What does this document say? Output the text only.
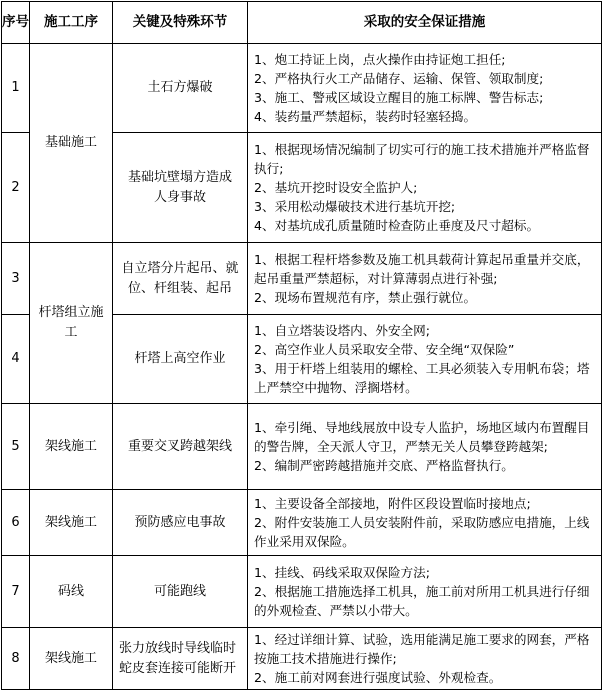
序号	施工工序	关键及特殊环节	采取的安全保证措施
1	基础施工	土石方爆破	1、炮工持证上岗，点火操作由持证炮工担任;
2、严格执行火工产品储存、运输、保管、领取制度;
3、施工、警戒区域设立醒目的施工标牌、警告标志;
4、装药量严禁超标，装药时轻塞轻捣。

2		基础坑壁塌方造成人身事故	1、根据现场情况编制了切实可行的施工技术措施并严格监督执行;
2、基坑开挖时设安全监护人;
3、采用松动爆破技术进行基坑开挖;
4、对基坑成孔质量随时检查防止垂度及尺寸超标。

3	杆塔组立施工	自立塔分片起吊、就位、杆组装、起吊	1、根据工程杆塔参数及施工机具载荷计算起吊重量并交底，起吊重量严禁超标，对计算薄弱点进行补强;
2、现场布置规范有序，禁止强行就位。

4		杆塔上高空作业	1、自立塔装设塔内、外安全网;
2、高空作业人员采取安全带、安全绳“双保险”
3、用于杆塔上组装用的螺栓、工具必须装入专用帆布袋；塔上严禁空中抛物、浮搁塔材。

5	架线施工	重要交叉跨越架线	1、牵引绳、导地线展放中设专人监护，场地区域内布置醒目的警告牌，全天派人守卫，严禁无关人员攀登跨越架;
2、编制严密跨越措施并交底、严格监督执行。

6	架线施工	预防感应电事故	1、主要设备全部接地，附件区段设置临时接地点;
2、附件安装施工人员安装附件前，采取防感应电措施，上线作业采用双保险。

7	码线	可能跑线	1、挂线、码线采取双保险方法;
2、根据施工措施选择工机具，施工前对所用工机具进行仔细的外观检查、严禁以小带大。

8	架线施工	张力放线时导线临时蛇皮套连接可能断开	1、经过详细计算、试验，选用能满足施工要求的网套，严格按施工技术措施进行操作;
2、施工前对网套进行强度试验、外观检查。
